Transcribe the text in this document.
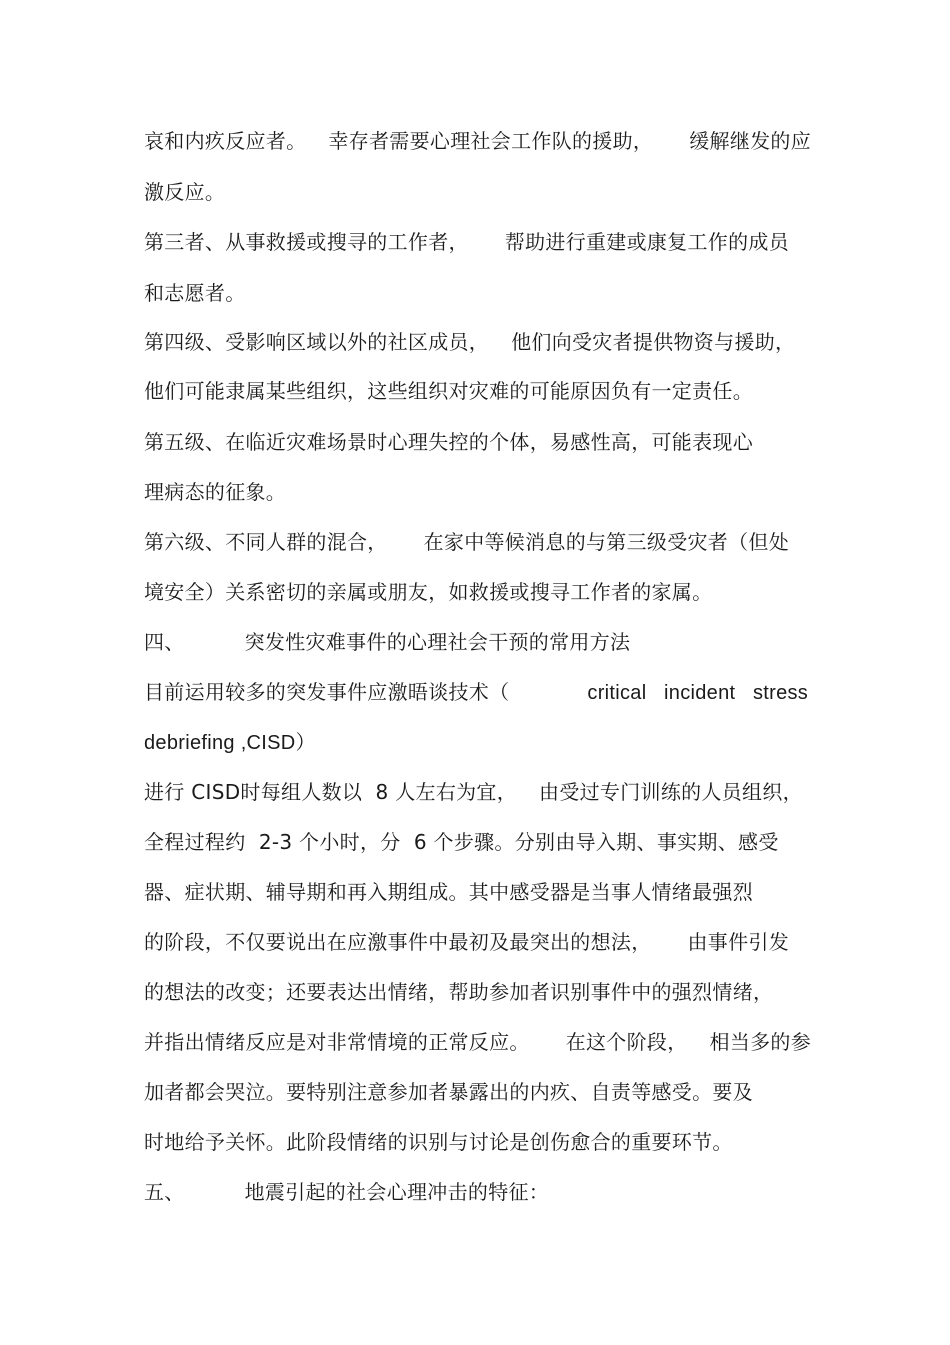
哀和内疚反应者。 幸存者需要心理社会工作队的援助， 缓解继发的应
激反应。
第三者、从事救援或搜寻的工作者， 帮助进行重建或康复工作的成员
和志愿者。
第四级、受影响区域以外的社区成员， 他们向受灾者提供物资与援助，
他们可能隶属某些组织，这些组织对灾难的可能原因负有一定责任。
第五级、在临近灾难场景时心理失控的个体，易感性高，可能表现心
理病态的征象。
第六级、不同人群的混合， 在家中等候消息的与第三级受灾者（但处
境安全）关系密切的亲属或朋友，如救援或搜寻工作者的家属。
四、	突发性灾难事件的心理社会干预的常用方法
目前运用较多的突发事件应激晤谈技术（	critical   incident   stress
debriefing ,CISD）
进行 CISD时每组人数以  8 人左右为宜， 由受过专门训练的人员组织，
全程过程约  2-3 个小时，分  6 个步骤。分别由导入期、事实期、感受
器、症状期、辅导期和再入期组成。其中感受器是当事人情绪最强烈
的阶段，不仅要说出在应激事件中最初及最突出的想法， 由事件引发
的想法的改变；还要表达出情绪，帮助参加者识别事件中的强烈情绪，
并指出情绪反应是对非常情境的正常反应。 在这个阶段， 相当多的参
加者都会哭泣。要特别注意参加者暴露出的内疚、自责等感受。要及
时地给予关怀。此阶段情绪的识别与讨论是创伤愈合的重要环节。
五、	地震引起的社会心理冲击的特征：
